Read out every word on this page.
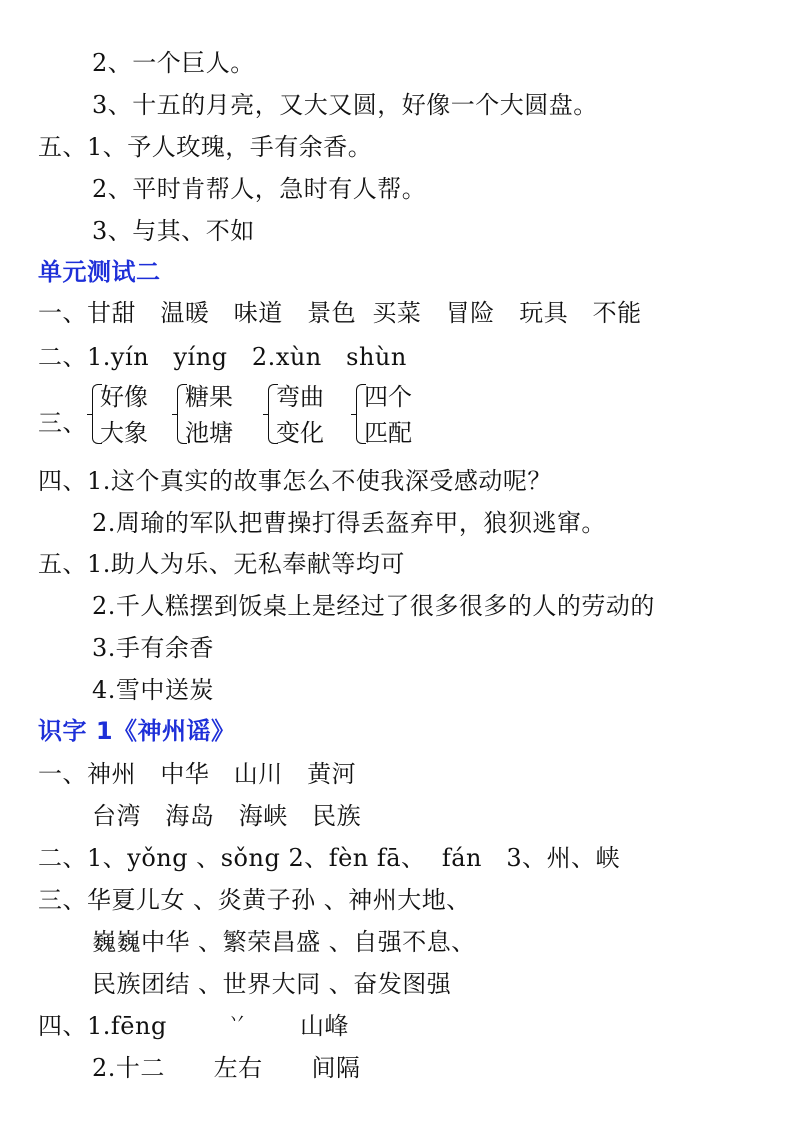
2、一个巨人。
3、十五的月亮，又大又圆，好像一个大圆盘。
五、1、予人玫瑰，手有余香。
2、平时肯帮人，急时有人帮。
3、与其、不如
单元测试二
一、甘甜   温暖   味道   景色  买菜   冒险   玩具   不能
二、1.yín   yíng   2.xùn   shùn
三、
好像
大象
糖果
池塘
弯曲
变化
四个
匹配
四、1.这个真实的故事怎么不使我深受感动呢？
2.周瑜的军队把曹操打得丢盔弃甲，狼狈逃窜。
五、1.助人为乐、无私奉献等均可
2.千人糕摆到饭桌上是经过了很多很多的人的劳动的
3.手有余香
4.雪中送炭
识字 1《神州谣》
一、神州   中华   山川   黄河
台湾   海岛   海峡   民族
二、1、yǒng 、sǒng 2、fèn fā、  fán   3、州、峡
三、华夏儿女 、炎黄子孙 、神州大地、
巍巍中华 、繁荣昌盛 、自强不息、
民族团结 、世界大同 、奋发图强
四、1.fēng	丷 山峰
2.十二      左右      间隔
